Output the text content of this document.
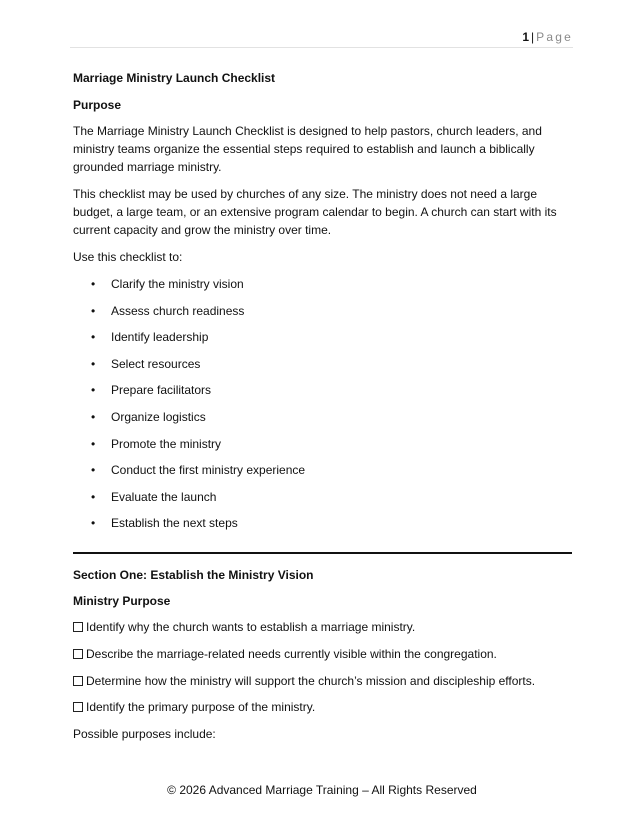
1 | Page
Marriage Ministry Launch Checklist
Purpose

The Marriage Ministry Launch Checklist is designed to help pastors, church leaders, and ministry teams organize the essential steps required to establish and launch a biblically grounded marriage ministry.

This checklist may be used by churches of any size. The ministry does not need a large budget, a large team, or an extensive program calendar to begin. A church can start with its current capacity and grow the ministry over time.

Use this checklist to:

• Clarify the ministry vision
• Assess church readiness
• Identify leadership
• Select resources
• Prepare facilitators
• Organize logistics
• Promote the ministry
• Conduct the first ministry experience
• Evaluate the launch
• Establish the next steps
Section One: Establish the Ministry Vision
Ministry Purpose
Identify why the church wants to establish a marriage ministry.
Describe the marriage-related needs currently visible within the congregation.
Determine how the ministry will support the church’s mission and discipleship efforts.
Identify the primary purpose of the ministry.

Possible purposes include:

© 2026 Advanced Marriage Training – All Rights Reserved
